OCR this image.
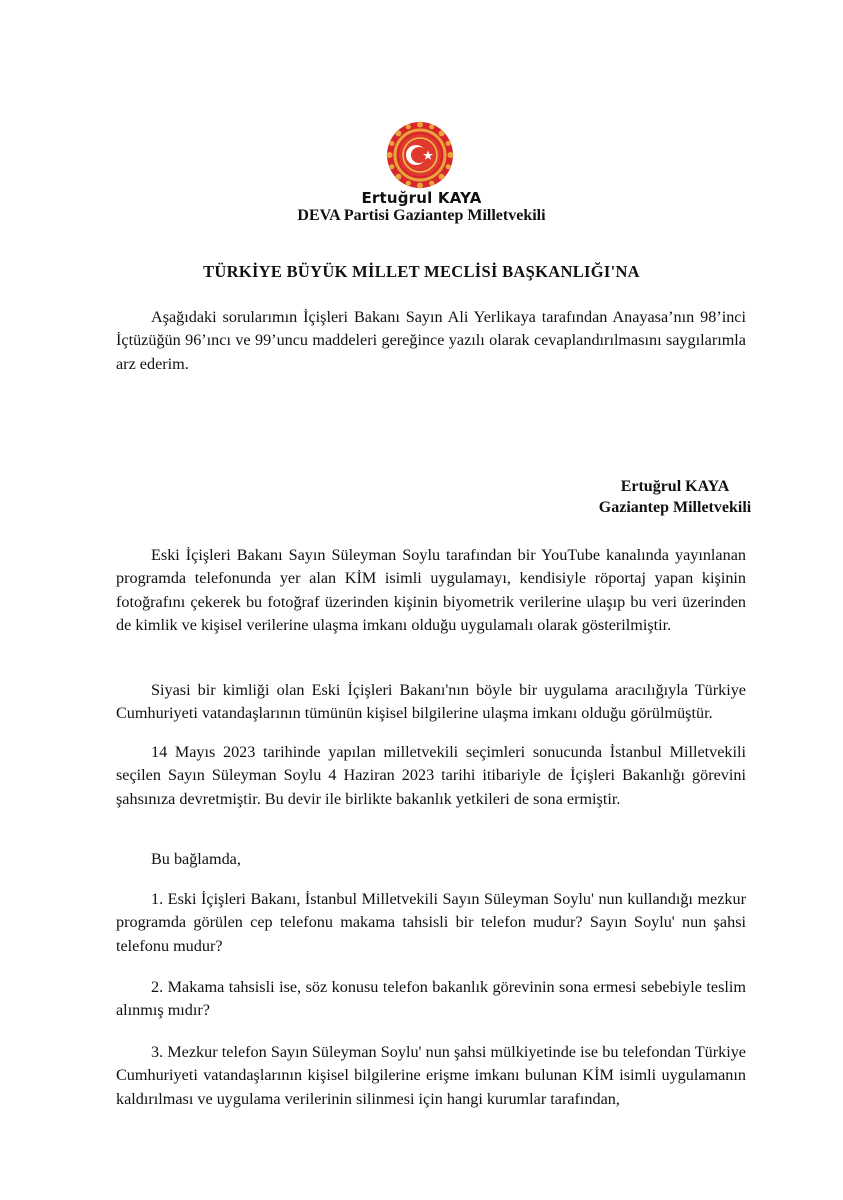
Ertuğrul KAYA
DEVA Partisi Gaziantep Milletvekili
TÜRKİYE BÜYÜK MİLLET MECLİSİ BAŞKANLIĞI'NA

Aşağıdaki sorularımın İçişleri Bakanı Sayın Ali Yerlikaya tarafından Anayasa’nın 98’inci İçtüzüğün 96’ıncı ve 99’uncu maddeleri gereğince yazılı olarak cevaplandırılmasını saygılarımla arz ederim.

Ertuğrul KAYA
Gaziantep Milletvekili

Eski İçişleri Bakanı Sayın Süleyman Soylu tarafından bir YouTube kanalında yayınlanan programda telefonunda yer alan KİM isimli uygulamayı, kendisiyle röportaj yapan kişinin fotoğrafını çekerek bu fotoğraf üzerinden kişinin biyometrik verilerine ulaşıp bu veri üzerinden de kimlik ve kişisel verilerine ulaşma imkanı olduğu uygulamalı olarak gösterilmiştir.

Siyasi bir kimliği olan Eski İçişleri Bakanı'nın böyle bir uygulama aracılığıyla Türkiye Cumhuriyeti vatandaşlarının tümünün kişisel bilgilerine ulaşma imkanı olduğu görülmüştür.

14 Mayıs 2023 tarihinde yapılan milletvekili seçimleri sonucunda İstanbul Milletvekili seçilen Sayın Süleyman Soylu 4 Haziran 2023 tarihi itibariyle de İçişleri Bakanlığı görevini şahsınıza devretmiştir. Bu devir ile birlikte bakanlık yetkileri de sona ermiştir.

Bu bağlamda,

1. Eski İçişleri Bakanı, İstanbul Milletvekili Sayın Süleyman Soylu' nun kullandığı mezkur programda görülen cep telefonu makama tahsisli bir telefon mudur? Sayın Soylu' nun şahsi telefonu mudur?

2. Makama tahsisli ise, söz konusu telefon bakanlık görevinin sona ermesi sebebiyle teslim alınmış mıdır?

3. Mezkur telefon Sayın Süleyman Soylu' nun şahsi mülkiyetinde ise bu telefondan Türkiye Cumhuriyeti vatandaşlarının kişisel bilgilerine erişme imkanı bulunan KİM isimli uygulamanın kaldırılması ve uygulama verilerinin silinmesi için hangi kurumlar tarafından,
